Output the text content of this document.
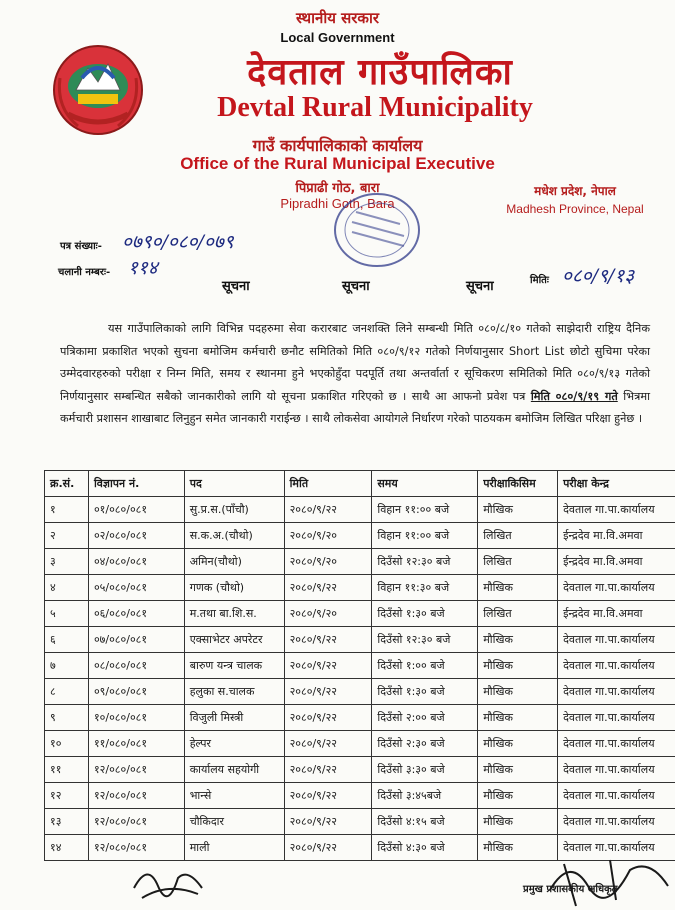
स्थानीय सरकार
Local Government
देवताल गाउँपालिका
Devtal Rural Municipality
गाउँ कार्यपालिकाको कार्यालय
Office of the Rural Municipal Executive
पिप्राढी गोठ, बारा
Pipradhi Goth, Bara
मधेश प्रदेश, नेपाल
Madhesh Province, Nepal
पत्र संख्याः- ०७९०/०८०/०७९
चलानी नम्बरः- ११४
मितिः ०८०/९/१३
सूचना	सूचना	सूचना

यस गाउँपालिकाको लागि विभिन्न पदहरुमा सेवा करारबाट जनशक्ति लिने सम्बन्धी मिति ०८०/८/१० गतेको साझेदारी राष्ट्रिय दैनिक पत्रिकामा प्रकाशित भएको सुचना बमोजिम कर्मचारी छनौट समितिको मिति ०८०/९/१२ गतेको निर्णयानुसार Short List छोटो सुचिमा परेका उम्मेदवारहरुको परीक्षा र निम्न मिति, समय र स्थानमा हुने भएकोहुँदा पदपूर्ति तथा अन्तर्वार्ता र सूचिकरण समितिको मिति ०८०/९/१३ गतेको निर्णयानुसार सम्बन्धित सबैको जानकारीको लागि यो सूचना प्रकाशित गरिएको छ । साथै आ आफनो प्रवेश पत्र मिति ०८०/९/१९ गते भित्रमा कर्मचारी प्रशासन शाखाबाट लिनुहुन समेत जानकारी गराईन्छ । साथै लोकसेवा आयोगले निर्धारण गरेको पाठयकम बमोजिम लिखित परिक्षा हुनेछ ।

क्र.सं.	विज्ञापन नं.	पद	मिति	समय	परीक्षाकिसिम	परीक्षा केन्द्र
१	०१/०८०/०८१	सु.प्र.स.(पाँचौ)	२०८०/९/२२	विहान ११:०० बजे	मौखिक	देवताल गा.पा.कार्यालय
२	०२/०८०/०८१	स.क.अ.(चौथो)	२०८०/९/२०	विहान ११:०० बजे	लिखित	ईन्द्रदेव मा.वि.अमवा
३	०४/०८०/०८१	अमिन(चौथो)	२०८०/९/२०	दिउँसो १२:३० बजे	लिखित	ईन्द्रदेव मा.वि.अमवा
४	०५/०८०/०८१	गणक (चौथो)	२०८०/९/२२	विहान ११:३० बजे	मौखिक	देवताल गा.पा.कार्यालय
५	०६/०८०/०८१	म.तथा बा.शि.स.	२०८०/९/२०	दिउँसो १:३० बजे	लिखित	ईन्द्रदेव मा.वि.अमवा
६	०७/०८०/०८१	एक्साभेटर अपरेटर	२०८०/९/२२	दिउँसो १२:३० बजे	मौखिक	देवताल गा.पा.कार्यालय
७	०८/०८०/०८१	बारुण यन्त्र चालक	२०८०/९/२२	दिउँसो १:०० बजे	मौखिक	देवताल गा.पा.कार्यालय
८	०९/०८०/०८१	हलुका स.चालक	२०८०/९/२२	दिउँसो १:३० बजे	मौखिक	देवताल गा.पा.कार्यालय
९	१०/०८०/०८१	विजुली मिस्त्री	२०८०/९/२२	दिउँसो २:०० बजे	मौखिक	देवताल गा.पा.कार्यालय
१०	११/०८०/०८१	हेल्पर	२०८०/९/२२	दिउँसो २:३० बजे	मौखिक	देवताल गा.पा.कार्यालय
११	१२/०८०/०८१	कार्यालय सहयोगी	२०८०/९/२२	दिउँसो ३:३० बजे	मौखिक	देवताल गा.पा.कार्यालय
१२	१२/०८०/०८१	भान्से	२०८०/९/२२	दिउँसो ३:४५बजे	मौखिक	देवताल गा.पा.कार्यालय
१३	१२/०८०/०८१	चौकिदार	२०८०/९/२२	दिउँसो ४:१५ बजे	मौखिक	देवताल गा.पा.कार्यालय
१४	१२/०८०/०८१	माली	२०८०/९/२२	दिउँसो ४:३० बजे	मौखिक	देवताल गा.पा.कार्यालय
प्रमुख प्रशासकीय अधिकृत
